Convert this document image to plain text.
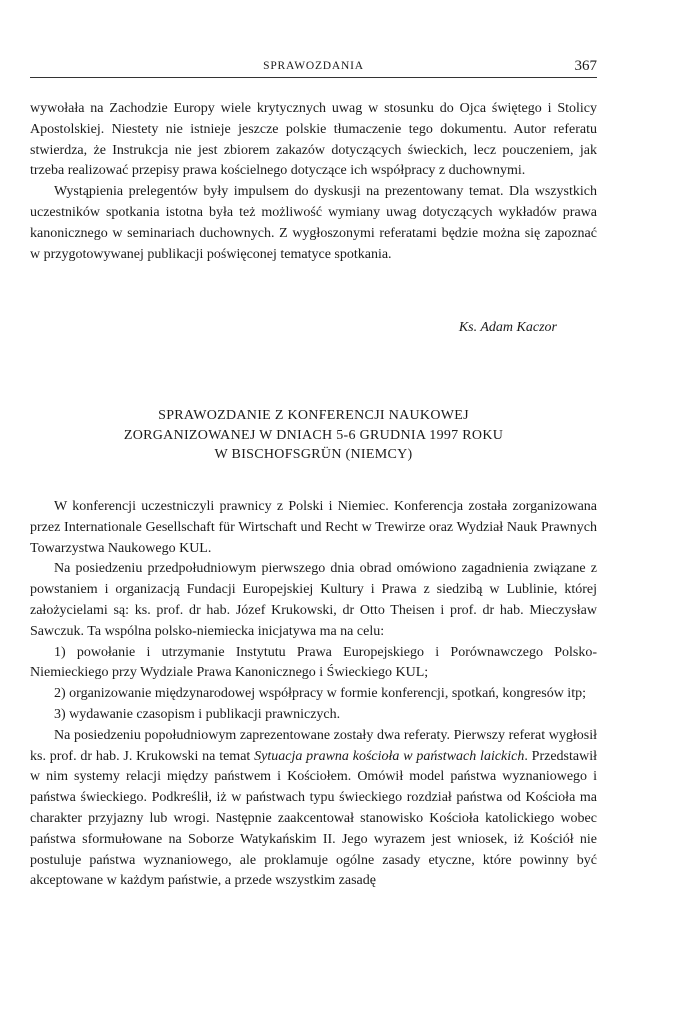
SPRAWOZDANIA	367

wywołała na Zachodzie Europy wiele krytycznych uwag w stosunku do Ojca świętego i Stolicy Apostolskiej. Niestety nie istnieje jeszcze polskie tłumaczenie tego dokumentu. Autor referatu stwierdza, że Instrukcja nie jest zbiorem zakazów dotyczących świeckich, lecz pouczeniem, jak trzeba realizować przepisy prawa kościelnego dotyczące ich współpracy z duchownymi.

Wystąpienia prelegentów były impulsem do dyskusji na prezentowany temat. Dla wszystkich uczestników spotkania istotna była też możliwość wymiany uwag dotyczących wykładów prawa kanonicznego w seminariach duchownych. Z wygłoszonymi referatami będzie można się zapoznać w przygotowywanej publikacji poświęconej tematyce spotkania.

Ks. Adam Kaczor
SPRAWOZDANIE Z KONFERENCJI NAUKOWEJ
ZORGANIZOWANEJ W DNIACH 5-6 GRUDNIA 1997 ROKU
W BISCHOFSGRÜN (NIEMCY)

W konferencji uczestniczyli prawnicy z Polski i Niemiec. Konferencja została zorganizowana przez Internationale Gesellschaft für Wirtschaft und Recht w Trewirze oraz Wydział Nauk Prawnych Towarzystwa Naukowego KUL.

Na posiedzeniu przedpołudniowym pierwszego dnia obrad omówiono zagadnienia związane z powstaniem i organizacją Fundacji Europejskiej Kultury i Prawa z siedzibą w Lublinie, której założycielami są: ks. prof. dr hab. Józef Krukowski, dr Otto Theisen i prof. dr hab. Mieczysław Sawczuk. Ta wspólna polsko-niemiecka inicjatywa ma na celu:

1) powołanie i utrzymanie Instytutu Prawa Europejskiego i Porównawczego Polsko-Niemieckiego przy Wydziale Prawa Kanonicznego i Świeckiego KUL;

2) organizowanie międzynarodowej współpracy w formie konferencji, spotkań, kongresów itp;

3) wydawanie czasopism i publikacji prawniczych.

Na posiedzeniu popołudniowym zaprezentowane zostały dwa referaty. Pierwszy referat wygłosił ks. prof. dr hab. J. Krukowski na temat Sytuacja prawna kościoła w państwach laickich. Przedstawił w nim systemy relacji między państwem i Kościołem. Omówił model państwa wyznaniowego i państwa świeckiego. Podkreślił, iż w państwach typu świeckiego rozdział państwa od Kościoła ma charakter przyjazny lub wrogi. Następnie zaakcentował stanowisko Kościoła katolickiego wobec państwa sformułowane na Soborze Watykańskim II. Jego wyrazem jest wniosek, iż Kościół nie postuluje państwa wyznaniowego, ale proklamuje ogólne zasady etyczne, które powinny być akceptowane w każdym państwie, a przede wszystkim zasadę
